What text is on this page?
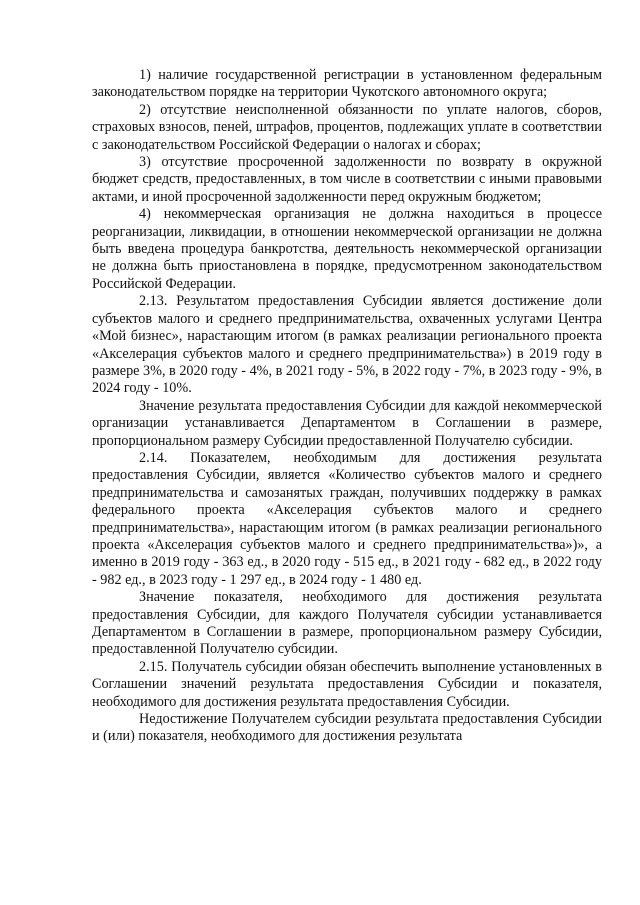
1) наличие государственной регистрации в установленном федеральным законодательством порядке на территории Чукотского автономного округа;

2) отсутствие неисполненной обязанности по уплате налогов, сборов, страховых взносов, пеней, штрафов, процентов, подлежащих уплате в соответствии с законодательством Российской Федерации о налогах и сборах;

3) отсутствие просроченной задолженности по возврату в окружной бюджет средств, предоставленных, в том числе в соответствии с иными правовыми актами, и иной просроченной задолженности перед окружным бюджетом;

4) некоммерческая организация не должна находиться в процессе реорганизации, ликвидации, в отношении некоммерческой организации не должна быть введена процедура банкротства, деятельность некоммерческой организации не должна быть приостановлена в порядке, предусмотренном законодательством Российской Федерации.

2.13. Результатом предоставления Субсидии является достижение доли субъектов малого и среднего предпринимательства, охваченных услугами Центра «Мой бизнес», нарастающим итогом (в рамках реализации регионального проекта «Акселерация субъектов малого и среднего предпринимательства») в 2019 году в размере 3%, в 2020 году - 4%, в 2021 году - 5%, в 2022 году - 7%, в 2023 году - 9%, в 2024 году - 10%.

Значение результата предоставления Субсидии для каждой некоммерческой организации устанавливается Департаментом в Соглашении в размере, пропорциональном размеру Субсидии предоставленной Получателю субсидии.

2.14. Показателем, необходимым для достижения результата предоставления Субсидии, является «Количество субъектов малого и среднего предпринимательства и самозанятых граждан, получивших поддержку в рамках федерального проекта «Акселерация субъектов малого и среднего предпринимательства», нарастающим итогом (в рамках реализации регионального проекта «Акселерация субъектов малого и среднего предпринимательства»)», а именно в 2019 году - 363 ед., в 2020 году - 515 ед., в 2021 году - 682 ед., в 2022 году - 982 ед., в 2023 году - 1 297 ед., в 2024 году - 1 480 ед.

Значение показателя, необходимого для достижения результата предоставления Субсидии, для каждого Получателя субсидии устанавливается Департаментом в Соглашении в размере, пропорциональном размеру Субсидии, предоставленной Получателю субсидии.

2.15. Получатель субсидии обязан обеспечить выполнение установленных в Соглашении значений результата предоставления Субсидии и показателя, необходимого для достижения результата предоставления Субсидии.

Недостижение Получателем субсидии результата предоставления Субсидии и (или) показателя, необходимого для достижения результата
